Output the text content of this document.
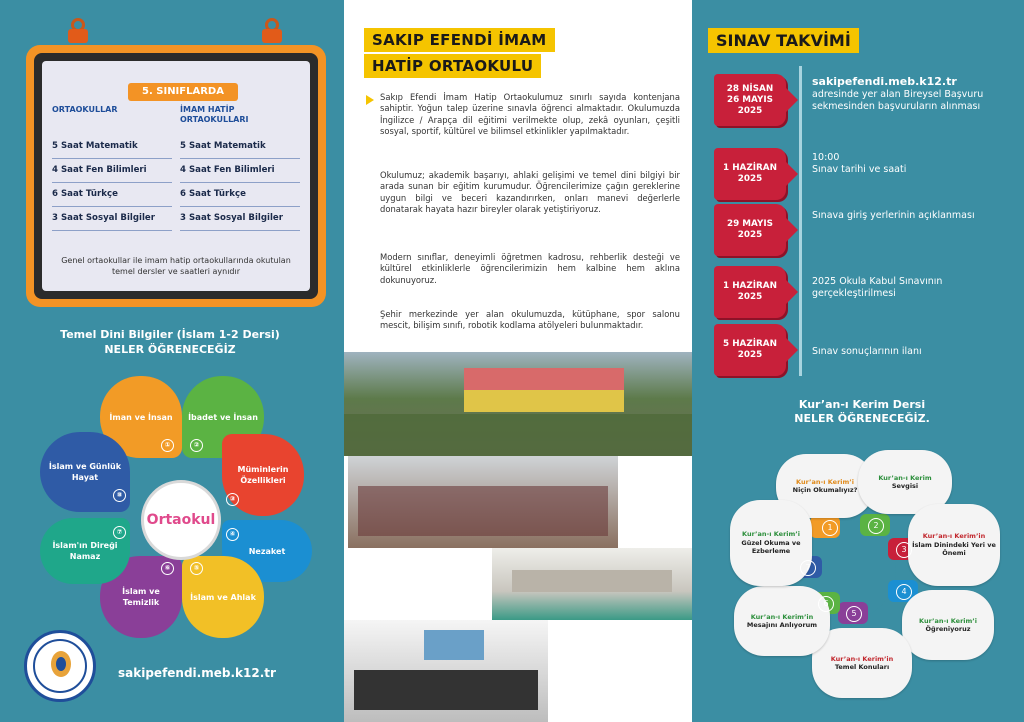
5. SINIFLARDA
ORTAOKULLAR
5 Saat Matematik
4 Saat Fen Bilimleri
6 Saat Türkçe
3 Saat Sosyal Bilgiler
İMAM HATİP ORTAOKULLARI
5 Saat Matematik
4 Saat Fen Bilimleri
6 Saat Türkçe
3 Saat Sosyal Bilgiler
Genel ortaokullar ile imam hatip ortaokullarında okutulan temel dersler ve saatleri aynıdır
Temel Dini Bilgiler (İslam 1-2 Dersi)
NELER ÖĞRENECEĞİZ
İman ve İnsan
①
İbadet ve İnsan
②
Müminlerin Özellikleri
③
Nezaket
④
İslam ve Ahlak
⑤
İslam ve Temizlik
⑥
İslam'ın Direği Namaz
⑦
İslam ve Günlük Hayat
⑧
Ortaokul
sakipefendi.meb.k12.tr
SAKIP EFENDİ İMAM
HATİP ORTAOKULU
Sakıp Efendi İmam Hatip Ortaokulumuz sınırlı sayıda kontenjana sahiptir. Yoğun talep üzerine sınavla öğrenci almaktadır. Okulumuzda İngilizce / Arapça dil eğitimi verilmekte olup, zekâ oyunları, çeşitli sosyal, sportif, kültürel ve bilimsel etkinlikler yapılmaktadır.
Okulumuz; akademik başarıyı, ahlaki gelişimi ve temel dini bilgiyi bir arada sunan bir eğitim kurumudur. Öğrencilerimize çağın gereklerine uygun bilgi ve beceri kazandırırken, onları manevi değerlerle donatarak hayata hazır bireyler olarak yetiştiriyoruz.
Modern sınıflar, deneyimli öğretmen kadrosu, rehberlik desteği ve kültürel etkinliklerle öğrencilerimizin hem kalbine hem aklına dokunuyoruz.
Şehir merkezinde yer alan okulumuzda, kütüphane, spor salonu mescit, bilişim sınıfı, robotik kodlama atölyeleri bulunmaktadır.
SINAV TAKVİMİ
28 NİSAN
26 MAYIS
2025
sakipefendi.meb.k12.tr
adresinde yer alan Bireysel Başvuru sekmesinden başvuruların alınması
1 HAZİRAN
2025
10:00
Sınav tarihi ve saati
29 MAYIS
2025
Sınava giriş yerlerinin açıklanması
1 HAZİRAN
2025
2025 Okula Kabul Sınavının gerçekleştirilmesi
5 HAZİRAN
2025	Sınav sonuçlarının ilanı
Kur’an-ı Kerim Dersi
NELER ÖĞRENECEĞİZ.
Kur’an-ı Kerim’i
Niçin Okumalıyız?
Kur’an-ı Kerim
Sevgisi
Kur’an-ı Kerim’in
İslam Dinindeki Yeri ve Önemi
Kur’an-ı Kerim’i
Öğreniyoruz
Kur’an-ı Kerim’in
Temel Konuları
Kur’an-ı Kerim’in
Mesajını Anlıyorum
Kur’an-ı Kerim’i
Güzel Okuma ve Ezberleme
1	2
3
4
5
6
7
